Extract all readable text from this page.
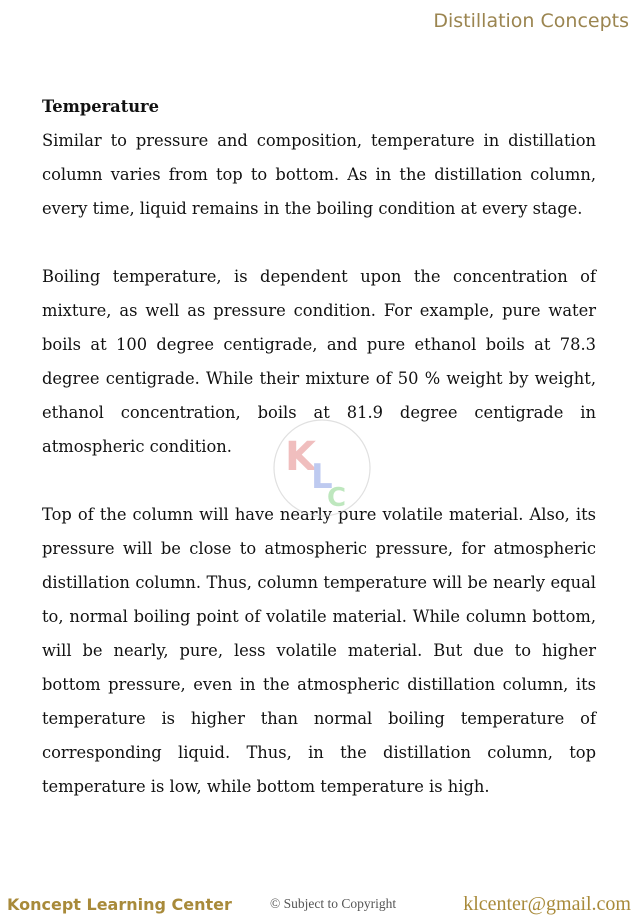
Distillation Concepts

Temperature

Similar to pressure and composition, temperature in distillation column varies from top to bottom. As in the distillation column, every time, liquid remains in the boiling condition at every stage.

Boiling temperature, is dependent upon the concentration of mixture, as well as pressure condition. For example, pure water boils at 100 degree centigrade, and pure ethanol boils at 78.3 degree centigrade. While their mixture of 50 % weight by weight, ethanol concentration, boils at 81.9 degree centigrade in atmospheric condition.

Top of the column will have nearly pure volatile material. Also, its pressure will be close to atmospheric pressure, for atmospheric distillation column. Thus, column temperature will be nearly equal to, normal boiling point of volatile material. While column bottom, will be nearly, pure, less volatile material. But due to higher bottom pressure, even in the atmospheric distillation column, its temperature is higher than normal boiling temperature of corresponding liquid. Thus, in the distillation column, top temperature is low, while bottom temperature is high.

K
L
C
Koncept Learning Center	© Subject to Copyright	klcenter@gmail.com
